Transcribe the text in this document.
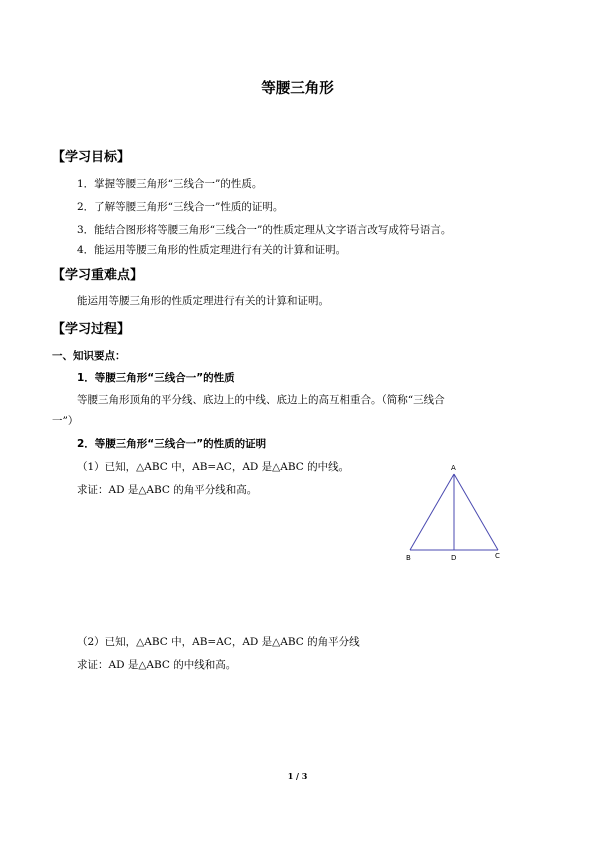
等腰三角形
【学习目标】
1．掌握等腰三角形“三线合一”的性质。
2．了解等腰三角形“三线合一”性质的证明。
3．能结合图形将等腰三角形“三线合一”的性质定理从文字语言改写成符号语言。
4．能运用等腰三角形的性质定理进行有关的计算和证明。
【学习重难点】
能运用等腰三角形的性质定理进行有关的计算和证明。
【学习过程】
一、知识要点：
1．等腰三角形“三线合一”的性质
等腰三角形顶角的平分线、底边上的中线、底边上的高互相重合。（简称“三线合
一”）
2．等腰三角形“三线合一”的性质的证明
（1）已知，△ABC 中，AB=AC，AD 是△ABC 的中线。
求证：AD 是△ABC 的角平分线和高。
A
B	D	C
（2）已知，△ABC 中，AB=AC，AD 是△ABC 的角平分线
求证：AD 是△ABC 的中线和高。
1 / 3
